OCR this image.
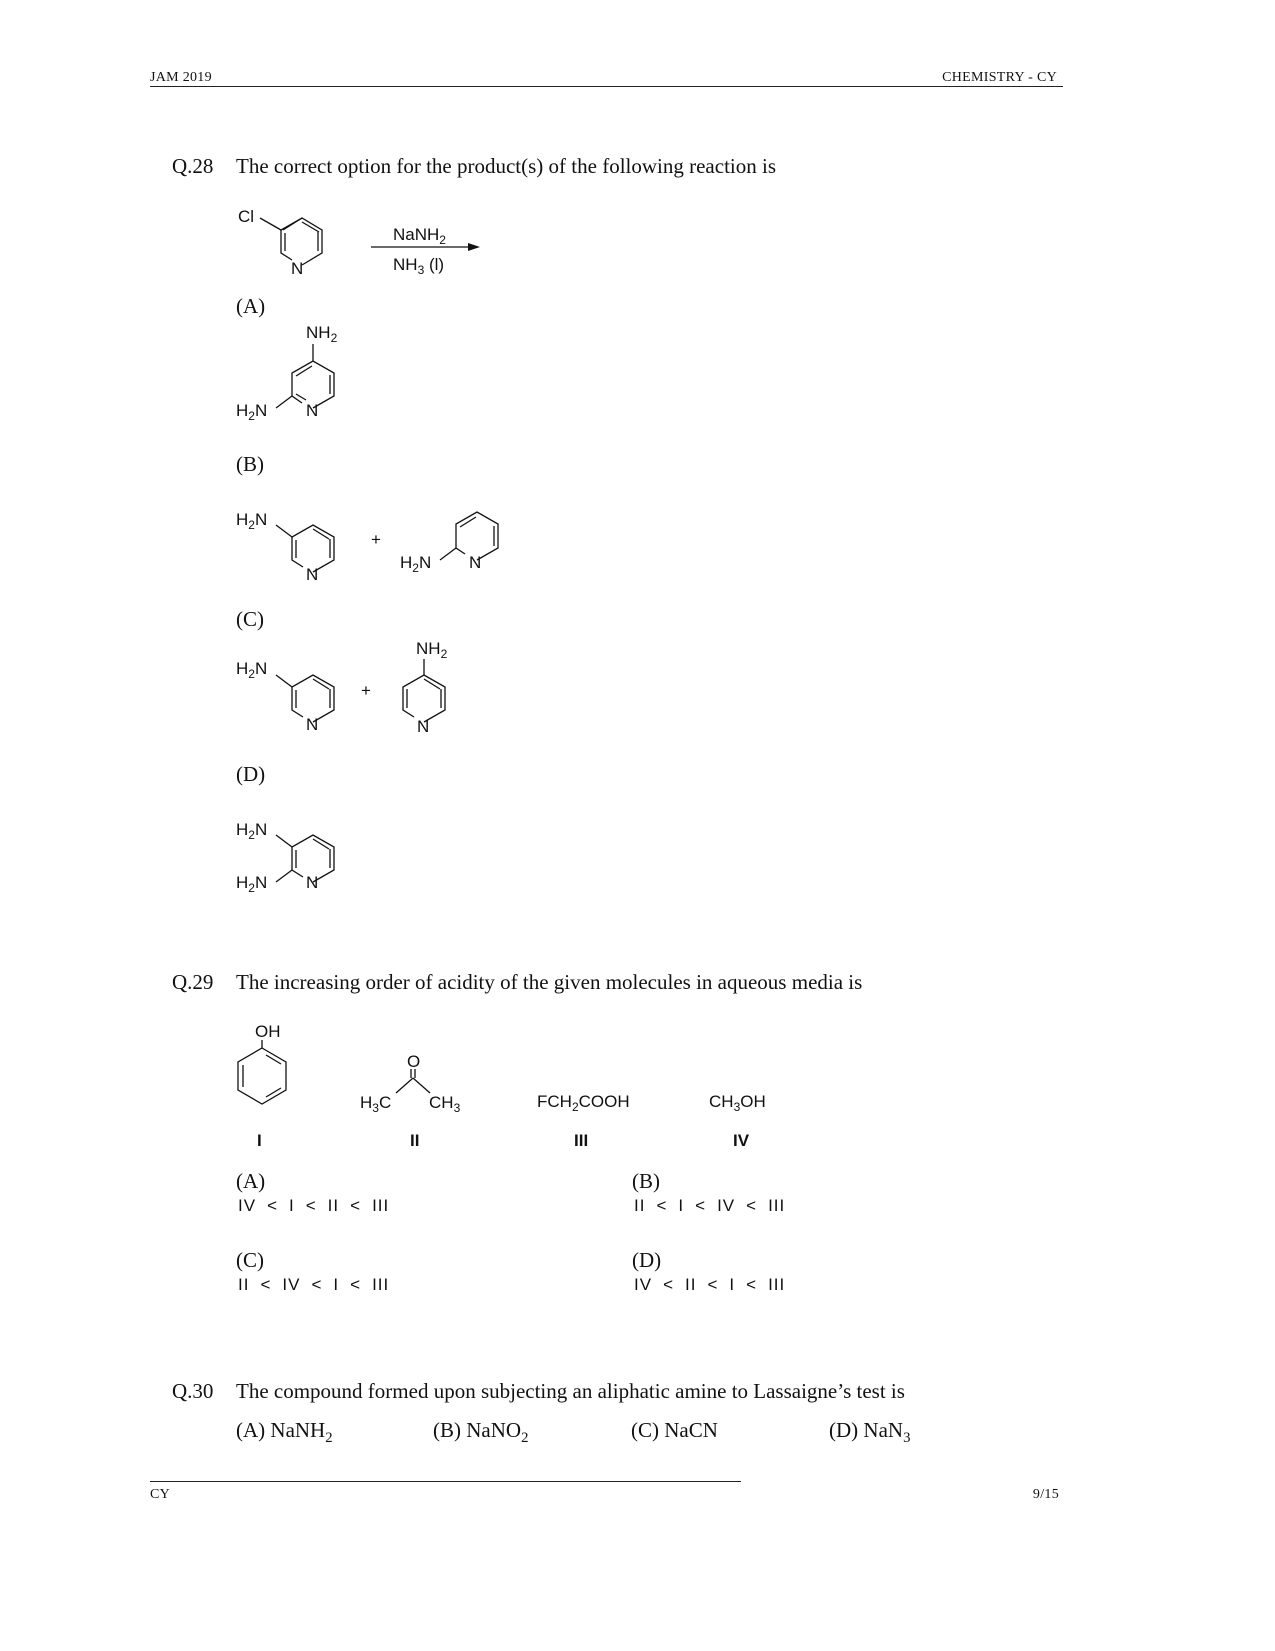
JAM 2019	CHEMISTRY - CY
Q.28 The correct option for the product(s) of the following reaction is
Cl
N
NaNH$_2$
$NH_3$ (l)
(A)
$NH_2$
$H_2N$ N
(B)
$H_2N$
N
+
$H_2N$ N
(C)
$H_2N$
N
+
$NH_2$
N
(D)
$H_2N$
$H_2N$ N
Q.29 The increasing order of acidity of the given molecules in aqueous media is
OH
O
$H_3C$ $CH_3$	$FCH_2COOH$	$CH_3OH$
I	II	III	IV
(A)
IV < I < II < III
(B)
II < I < IV < III
(C)
II < IV < I < III
(D)
IV < II < I < III
Q.30 The compound formed upon subjecting an aliphatic amine to Lassaigne’s test is
(A) NaNH$_2$	(B) NaNO$_2$	(C) NaCN	(D) NaN$_3$
CY	9/15
